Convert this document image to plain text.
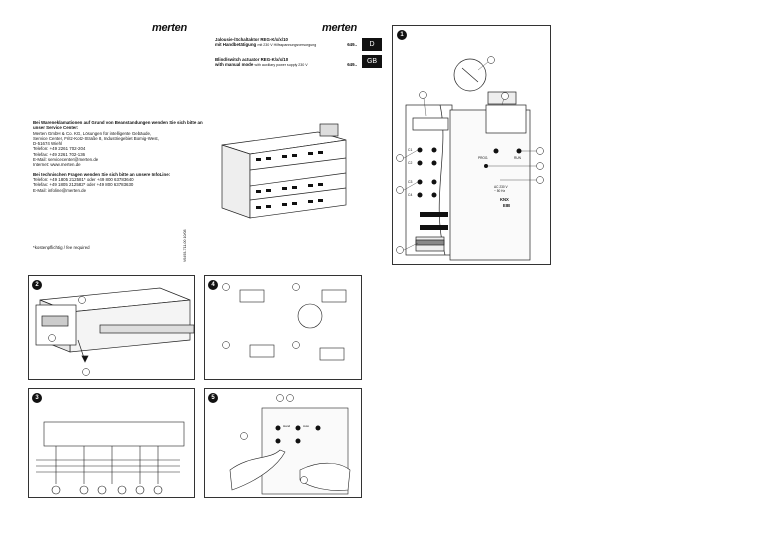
merten	merten
Jalousie-/Schaltaktor REG-K/x/x/10
mit Handbetätigung mit 230 V Hilfsspannungsversorgung	649..	D
Blind/switch actuator REG-K/x/x/10
with manual mode with auxiliary power supply 230 V	649..	GB
Bei Wareneklamationen auf Grund von Beanstandungen wenden Sie sich bitte an unser Service Center:
Merten GmbH & Co. KG, Lösungen für intelligente Gebäude,
Service Center, Fritz-Kotz-Straße 8, Industriegebiet Bomig-West,
D-51674 Wiehl
Telefon: +49 2261 702-204
Telefax: +49 2261 702-136
E-Mail: servicecenter@merten.de
Internet: www.merten.de
Bei technischen Fragen wenden Sie sich bitte an unsere InfoLine:
Telefon: +49 1805 212581* oder +49 800 63783640
Telefax: +49 1805 212582* oder +49 800 63783630
E-Mail: infoline@merten.de
*kostenpflichtig / fee required	V6493-711-00 10/08
1
KNX
EIB
AC 230 V
~ 50 Hz
PROG.	RUN
C1
C2
C3
C4
2
3
4
5
Hand	Auto
